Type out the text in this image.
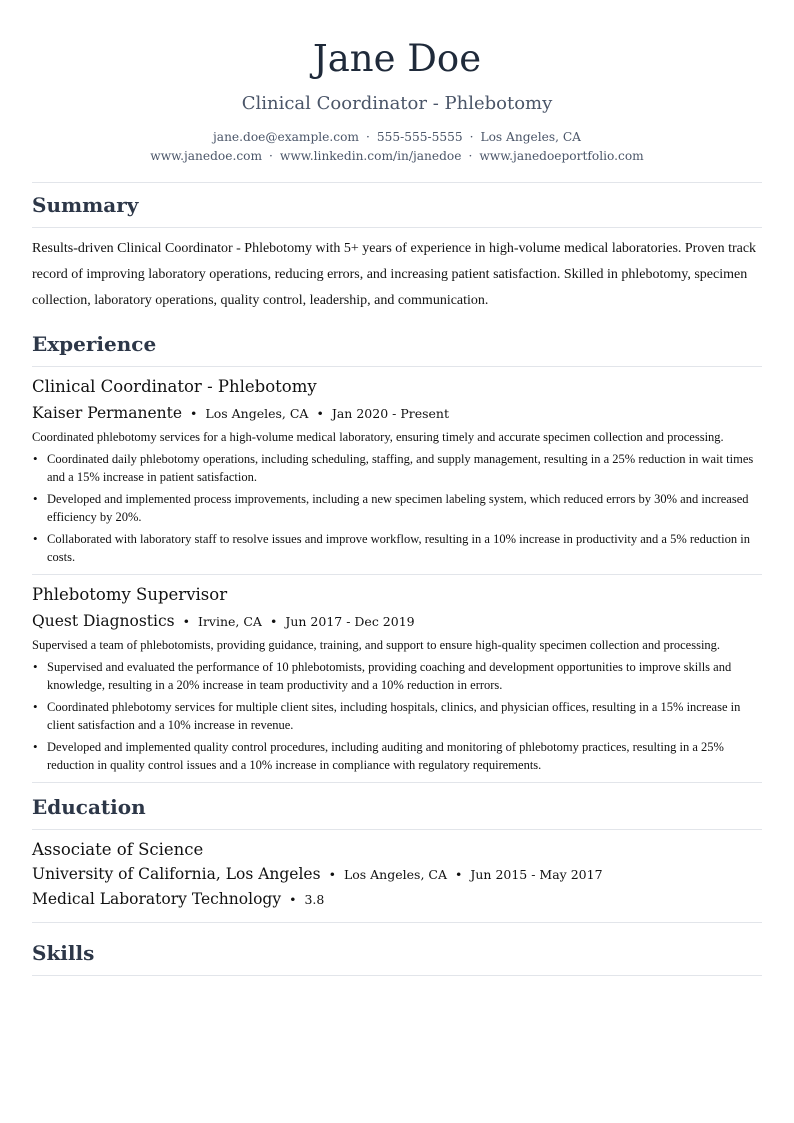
Jane Doe
Clinical Coordinator - Phlebotomy
jane.doe@example.com · 555-555-5555 · Los Angeles, CA
www.janedoe.com · www.linkedin.com/in/janedoe · www.janedoeportfolio.com
Summary

Results-driven Clinical Coordinator - Phlebotomy with 5+ years of experience in high-volume medical laboratories. Proven track record of improving laboratory operations, reducing errors, and increasing patient satisfaction. Skilled in phlebotomy, specimen collection, laboratory operations, quality control, leadership, and communication.

Experience
Clinical Coordinator - Phlebotomy
Kaiser Permanente • Los Angeles, CA • Jan 2020 - Present

Coordinated phlebotomy services for a high-volume medical laboratory, ensuring timely and accurate specimen collection and processing.

• Coordinated daily phlebotomy operations, including scheduling, staffing, and supply management, resulting in a 25% reduction in wait times and a 15% increase in patient satisfaction.
• Developed and implemented process improvements, including a new specimen labeling system, which reduced errors by 30% and increased efficiency by 20%.
• Collaborated with laboratory staff to resolve issues and improve workflow, resulting in a 10% increase in productivity and a 5% reduction in costs.
Phlebotomy Supervisor
Quest Diagnostics • Irvine, CA • Jun 2017 - Dec 2019

Supervised a team of phlebotomists, providing guidance, training, and support to ensure high-quality specimen collection and processing.

• Supervised and evaluated the performance of 10 phlebotomists, providing coaching and development opportunities to improve skills and knowledge, resulting in a 20% increase in team productivity and a 10% reduction in errors.
• Coordinated phlebotomy services for multiple client sites, including hospitals, clinics, and physician offices, resulting in a 15% increase in client satisfaction and a 10% increase in revenue.
• Developed and implemented quality control procedures, including auditing and monitoring of phlebotomy practices, resulting in a 25% reduction in quality control issues and a 10% increase in compliance with regulatory requirements.
Education
Associate of Science
University of California, Los Angeles • Los Angeles, CA • Jun 2015 - May 2017
Medical Laboratory Technology • 3.8
Skills
